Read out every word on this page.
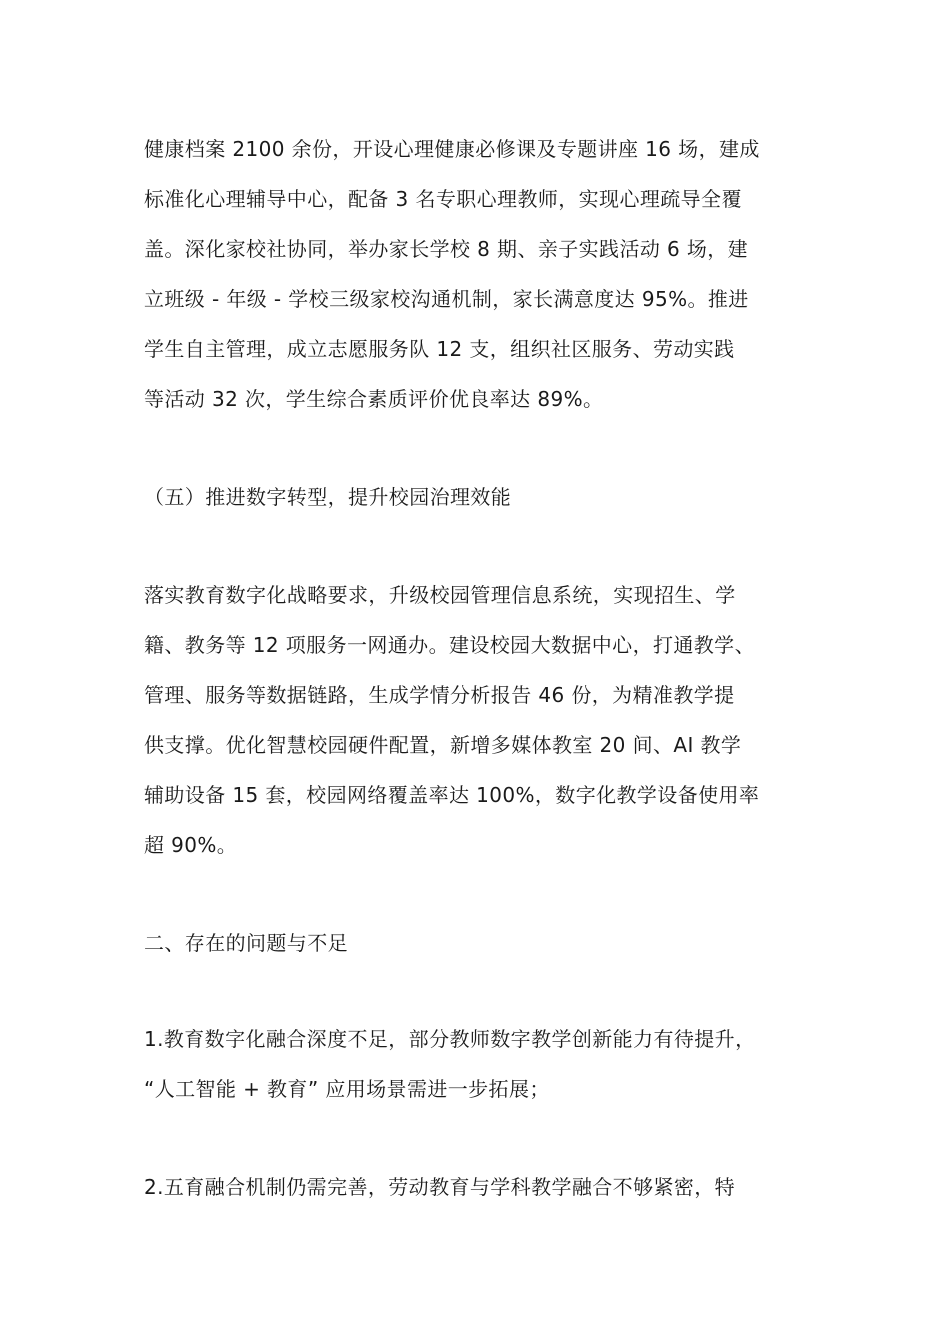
健康档案 2100 余份，开设心理健康必修课及专题讲座 16 场，建成
标准化心理辅导中心，配备 3 名专职心理教师，实现心理疏导全覆
盖。深化家校社协同，举办家长学校 8 期、亲子实践活动 6 场，建
立班级 - 年级 - 学校三级家校沟通机制，家长满意度达 95%。推进
学生自主管理，成立志愿服务队 12 支，组织社区服务、劳动实践
等活动 32 次，学生综合素质评价优良率达 89%。
（五）推进数字转型，提升校园治理效能
落实教育数字化战略要求，升级校园管理信息系统，实现招生、学
籍、教务等 12 项服务一网通办。建设校园大数据中心，打通教学、
管理、服务等数据链路，生成学情分析报告 46 份，为精准教学提
供支撑。优化智慧校园硬件配置，新增多媒体教室 20 间、AI 教学
辅助设备 15 套，校园网络覆盖率达 100%，数字化教学设备使用率
超 90%。
二、存在的问题与不足
1.教育数字化融合深度不足，部分教师数字教学创新能力有待提升，
“人工智能 + 教育” 应用场景需进一步拓展；
2.五育融合机制仍需完善，劳动教育与学科教学融合不够紧密，特
